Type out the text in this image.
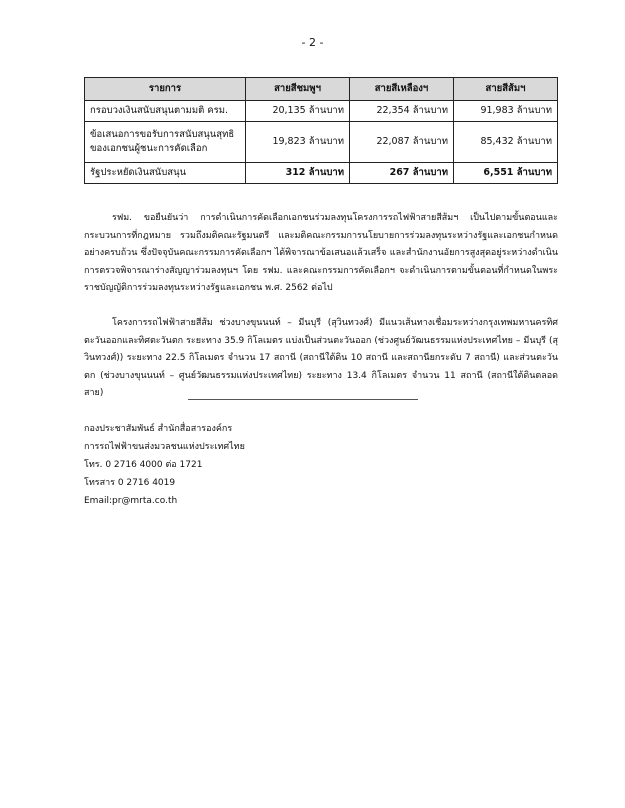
- 2 -
รายการ	สายสีชมพูฯ	สายสีเหลืองฯ	สายสีส้มฯ
กรอบวงเงินสนับสนุนตามมติ ครม.	20,135 ล้านบาท	22,354 ล้านบาท	91,983 ล้านบาท
ข้อเสนอการขอรับการสนับสนุนสุทธิของเอกชนผู้ชนะการคัดเลือก	19,823 ล้านบาท	22,087 ล้านบาท	85,432 ล้านบาท
รัฐประหยัดเงินสนับสนุน	312 ล้านบาท	267 ล้านบาท	6,551 ล้านบาท
รฟม. ขอยืนยันว่า การดำเนินการคัดเลือกเอกชนร่วมลงทุนโครงการรถไฟฟ้าสายสีส้มฯ เป็นไปตามขั้นตอนและกระบวนการที่กฎหมาย รวมถึงมติคณะรัฐมนตรี และมติคณะกรรมการนโยบายการร่วมลงทุนระหว่างรัฐและเอกชนกำหนดอย่างครบถ้วน ซึ่งปัจจุบันคณะกรรมการคัดเลือกฯ ได้พิจารณาข้อเสนอแล้วเสร็จ และสำนักงานอัยการสูงสุดอยู่ระหว่างดำเนินการตรวจพิจารณาร่างสัญญาร่วมลงทุนฯ โดย รฟม. และคณะกรรมการคัดเลือกฯ จะดำเนินการตามขั้นตอนที่กำหนดในพระราชบัญญัติการร่วมลงทุนระหว่างรัฐและเอกชน พ.ศ. 2562 ต่อไป
โครงการรถไฟฟ้าสายสีส้ม ช่วงบางขุนนนท์ – มีนบุรี (สุวินทวงศ์) มีแนวเส้นทางเชื่อมระหว่างกรุงเทพมหานครทิศตะวันออกและทิศตะวันตก ระยะทาง 35.9 กิโลเมตร แบ่งเป็นส่วนตะวันออก (ช่วงศูนย์วัฒนธรรมแห่งประเทศไทย – มีนบุรี (สุวินทวงศ์)) ระยะทาง 22.5 กิโลเมตร จำนวน 17 สถานี (สถานีใต้ดิน 10 สถานี และสถานียกระดับ 7 สถานี) และส่วนตะวันตก (ช่วงบางขุนนนท์ – ศูนย์วัฒนธรรมแห่งประเทศไทย) ระยะทาง 13.4 กิโลเมตร จำนวน 11 สถานี (สถานีใต้ดินตลอดสาย)
กองประชาสัมพันธ์ สำนักสื่อสารองค์กร
การรถไฟฟ้าขนส่งมวลชนแห่งประเทศไทย
โทร. 0 2716 4000 ต่อ 1721
โทรสาร 0 2716 4019
Email:pr@mrta.co.th
